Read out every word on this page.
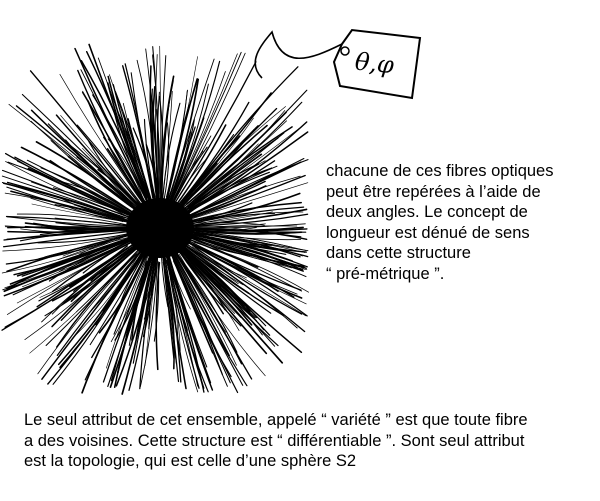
θ,φ
chacune de ces fibres optiques
peut être repérées à l’aide de
deux angles. Le concept de
longueur est dénué de sens
dans cette structure
“ pré-métrique ”.
Le seul attribut de cet ensemble, appelé “ variété ” est que toute fibre
a des voisines. Cette structure est “ différentiable ”. Sont seul attribut
est la topologie, qui est celle d’une sphère S2
